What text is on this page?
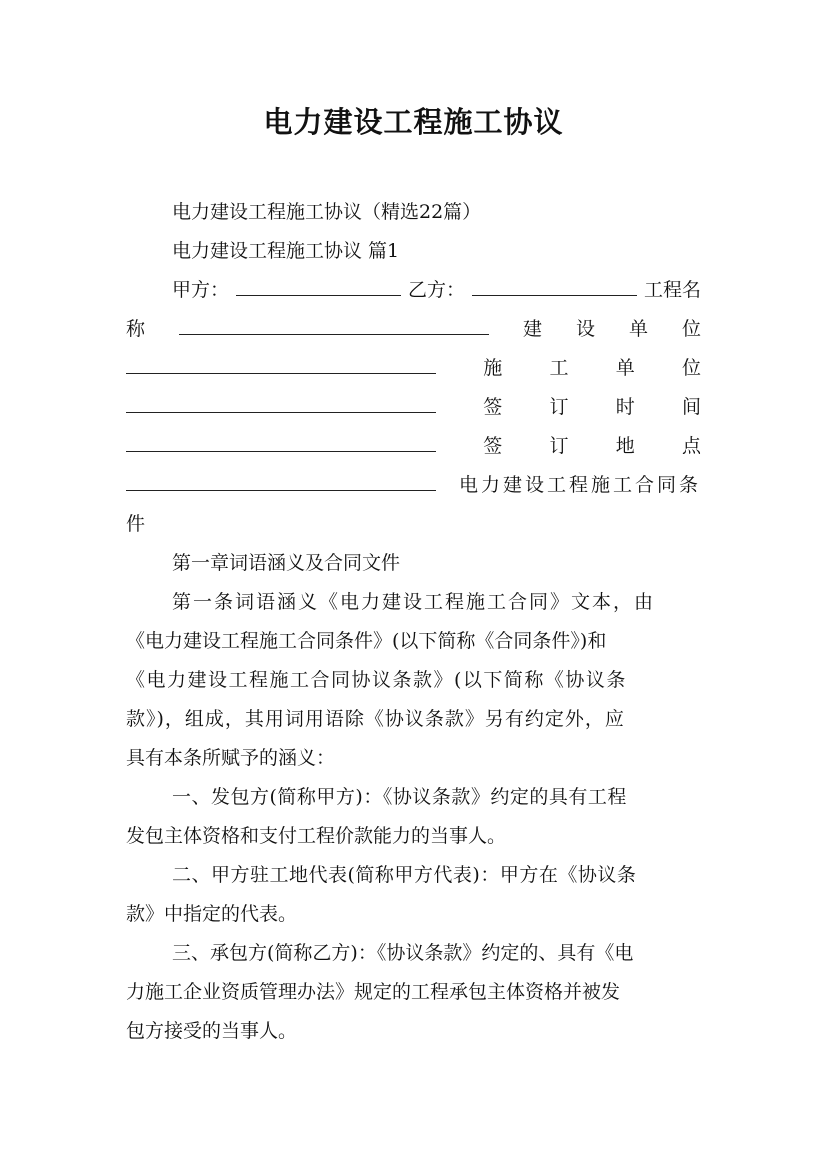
电力建设工程施工协议
电力建设工程施工协议（精选22篇）
电力建设工程施工协议 篇1
甲方：	乙方：	工程名
称	建 设 单 位
施 工 单 位
签 订 时 间
签 订 地 点
电力建设工程施工合同条
件
第一章词语涵义及合同文件
第一条词语涵义《电力建设工程施工合同》文本，由
《电力建设工程施工合同条件》(以下简称《合同条件》)和
《电力建设工程施工合同协议条款》(以下简称《协议条
款》)，组成，其用词用语除《协议条款》另有约定外，应
具有本条所赋予的涵义：
一、发包方(简称甲方)：《协议条款》约定的具有工程
发包主体资格和支付工程价款能力的当事人。
二、甲方驻工地代表(简称甲方代表)：甲方在《协议条
款》中指定的代表。
三、承包方(简称乙方)：《协议条款》约定的、具有《电
力施工企业资质管理办法》规定的工程承包主体资格并被发
包方接受的当事人。
